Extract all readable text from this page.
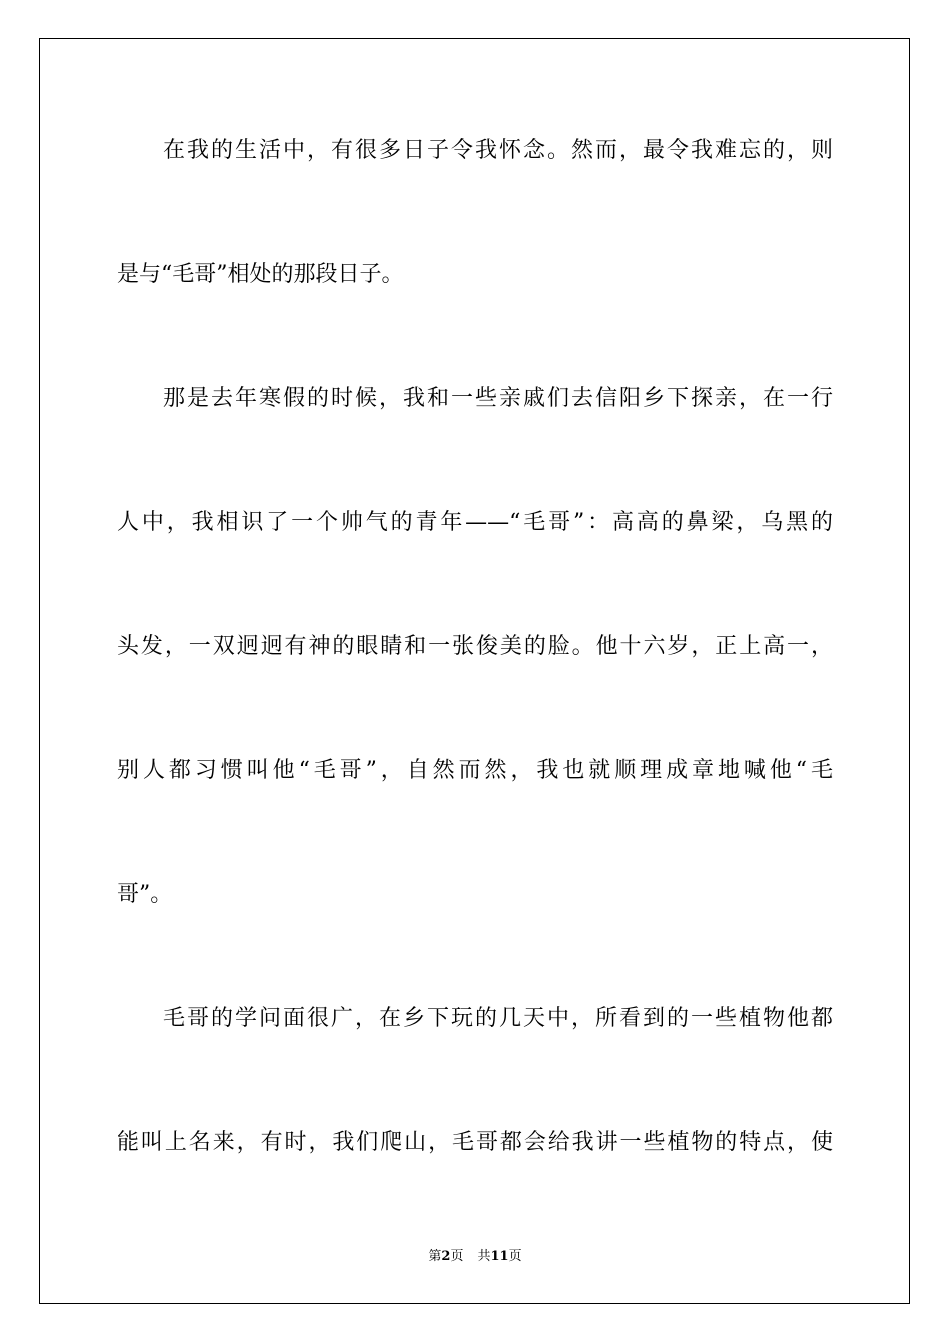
在我的生活中，有很多日子令我怀念。然而，最令我难忘的，则
是与“毛哥”相处的那段日子。
那是去年寒假的时候，我和一些亲戚们去信阳乡下探亲，在一行
人中，我相识了一个帅气的青年——“毛哥”：高高的鼻梁，乌黑的
头发，一双迥迥有神的眼睛和一张俊美的脸。他十六岁，正上高一，
别人都习惯叫他“毛哥”，自然而然，我也就顺理成章地喊他“毛
哥”。
毛哥的学问面很广，在乡下玩的几天中，所看到的一些植物他都
能叫上名来，有时，我们爬山，毛哥都会给我讲一些植物的特点，使
第2页 共11页
